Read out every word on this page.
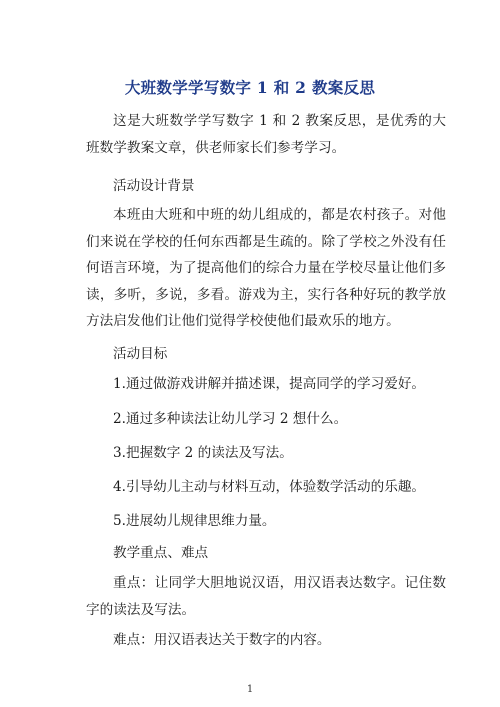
大班数学学写数字 1 和 2 教案反思

这是大班数学学写数字 1 和 2 教案反思，是优秀的大班数学教案文章，供老师家长们参考学习。

活动设计背景

本班由大班和中班的幼儿组成的，都是农村孩子。对他们来说在学校的任何东西都是生疏的。除了学校之外没有任何语言环境，为了提高他们的综合力量在学校尽量让他们多读，多听，多说，多看。游戏为主，实行各种好玩的教学放方法启发他们让他们觉得学校使他们最欢乐的地方。

活动目标
1.通过做游戏讲解并描述课，提高同学的学习爱好。
2.通过多种读法让幼儿学习 2 想什么。
3.把握数字 2 的读法及写法。
4.引导幼儿主动与材料互动，体验数学活动的乐趣。
5.进展幼儿规律思维力量。
教学重点、难点

重点：让同学大胆地说汉语，用汉语表达数字。记住数字的读法及写法。

难点：用汉语表达关于数字的内容。
1
